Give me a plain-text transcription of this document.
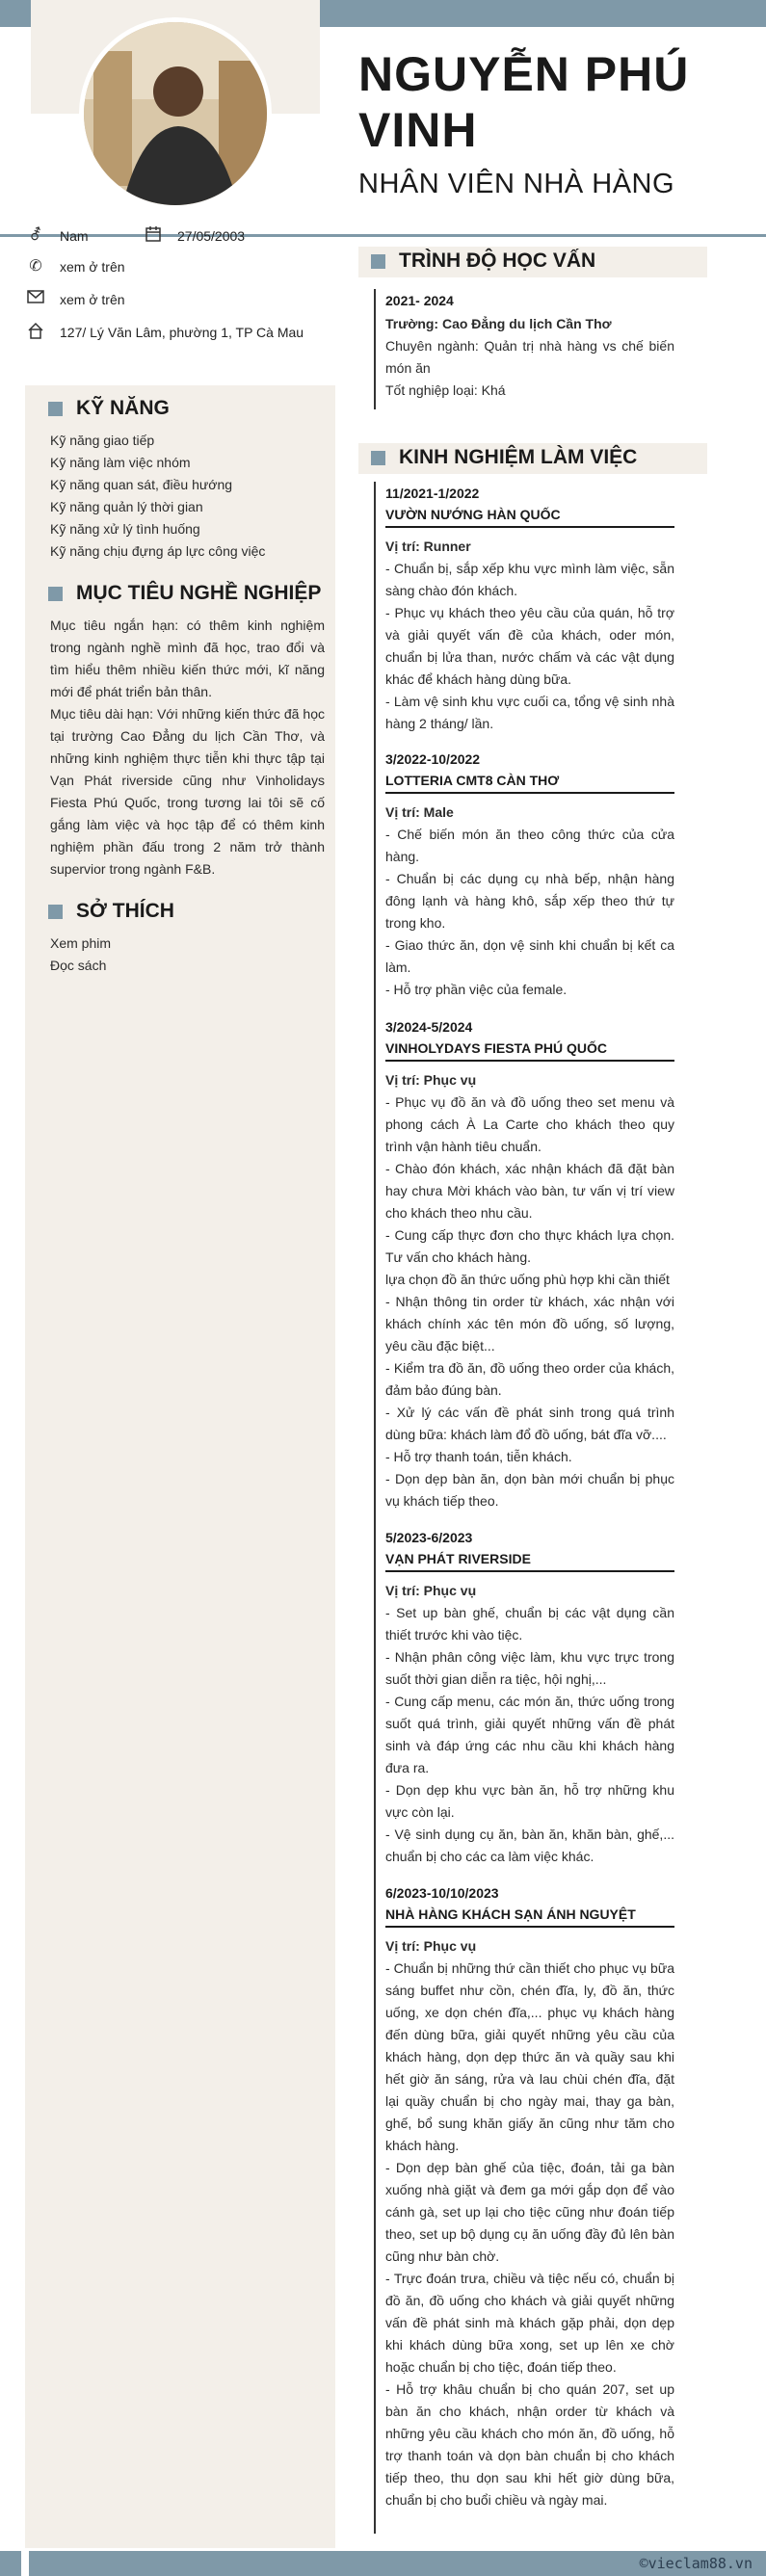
NGUYỄN PHÚ VINH
NHÂN VIÊN NHÀ HÀNG
⚦	Nam	27/05/2003
✆	xem ở trên
xem ở trên
127/ Lý Văn Lâm, phường 1, TP Cà Mau
KỸ NĂNG
Kỹ năng giao tiếp
Kỹ năng làm việc nhóm
Kỹ năng quan sát, điều hướng
Kỹ năng quản lý thời gian
Kỹ năng xử lý tình huống
Kỹ năng chịu đựng áp lực công việc
MỤC TIÊU NGHỀ NGHIỆP
Mục tiêu ngắn hạn: có thêm kinh nghiệm trong ngành nghề mình đã học, trao đổi và tìm hiểu thêm nhiều kiến thức mới, kĩ năng mới để phát triển bản thân.
Mục tiêu dài hạn: Với những kiến thức đã học tại trường Cao Đẳng du lịch Cần Thơ, và những kinh nghiệm thực tiễn khi thực tập tại Vạn Phát riverside cũng như Vinholidays Fiesta Phú Quốc, trong tương lai tôi sẽ cố gắng làm việc và học tập để có thêm kinh nghiệm phần đấu trong 2 năm trở thành supervior trong ngành F&B.
SỞ THÍCH
Xem phim
Đọc sách
TRÌNH ĐỘ HỌC VẤN
2021- 2024
Trường: Cao Đẳng du lịch Cần Thơ
Chuyên ngành: Quản trị nhà hàng vs chế biến món ăn
Tốt nghiệp loại: Khá
KINH NGHIỆM LÀM VIỆC
11/2021-1/2022
VƯỜN NƯỚNG HÀN QUỐC
Vị trí: Runner
- Chuẩn bị, sắp xếp khu vực mình làm việc, sẵn sàng chào đón khách.
- Phục vụ khách theo yêu cầu của quán, hỗ trợ và giải quyết vấn đề của khách, oder món, chuẩn bị lửa than, nước chấm và các vật dụng khác để khách hàng dùng bữa.
- Làm vệ sinh khu vực cuối ca, tổng vệ sinh nhà hàng 2 tháng/ lần.
3/2022-10/2022
LOTTERIA CMT8 CÀN THƠ
Vị trí: Male
- Chế biến món ăn theo công thức của cửa hàng.
- Chuẩn bị các dụng cụ nhà bếp, nhận hàng đông lạnh và hàng khô, sắp xếp theo thứ tự trong kho.
- Giao thức ăn, dọn vệ sinh khi chuẩn bị kết ca làm.
- Hỗ trợ phần việc của female.
3/2024-5/2024
VINHOLYDAYS FIESTA PHÚ QUỐC
Vị trí: Phục vụ
- Phục vụ đồ ăn và đồ uống theo set menu và phong cách À La Carte cho khách theo quy trình vận hành tiêu chuẩn.
- Chào đón khách, xác nhận khách đã đặt bàn hay chưa Mời khách vào bàn, tư vấn vị trí view cho khách theo nhu cầu.
- Cung cấp thực đơn cho thực khách lựa chọn. Tư vấn cho khách hàng.
lựa chọn đồ ăn thức uống phù hợp khi cần thiết
- Nhận thông tin order từ khách, xác nhận với khách chính xác tên món đồ uống, số lượng, yêu cầu đặc biệt...
- Kiểm tra đồ ăn, đồ uống theo order của khách, đảm bảo đúng bàn.
- Xử lý các vấn đề phát sinh trong quá trình dùng bữa: khách làm đổ đồ uống, bát đĩa vỡ....
- Hỗ trợ thanh toán, tiễn khách.
- Dọn dẹp bàn ăn, dọn bàn mới chuẩn bị phục vụ khách tiếp theo.
5/2023-6/2023
VẠN PHÁT RIVERSIDE
Vị trí: Phục vụ
- Set up bàn ghế, chuẩn bị các vật dụng cần thiết trước khi vào tiệc.
- Nhận phân công việc làm, khu vực trực trong suốt thời gian diễn ra tiệc, hội nghị,...
- Cung cấp menu, các món ăn, thức uống trong suốt quá trình, giải quyết những vấn đề phát sinh và đáp ứng các nhu cầu khi khách hàng đưa ra.
- Dọn dẹp khu vực bàn ăn, hỗ trợ những khu vực còn lại.
- Vệ sinh dụng cụ ăn, bàn ăn, khăn bàn, ghế,... chuẩn bị cho các ca làm việc khác.
6/2023-10/10/2023
NHÀ HÀNG KHÁCH SẠN ÁNH NGUYỆT
Vị trí: Phục vụ
- Chuẩn bị những thứ cần thiết cho phục vụ bữa sáng buffet như cồn, chén đĩa, ly, đồ ăn, thức uống, xe dọn chén đĩa,... phục vụ khách hàng đến dùng bữa, giải quyết những yêu cầu của khách hàng, dọn dẹp thức ăn và quầy sau khi hết giờ ăn sáng, rửa và lau chùi chén đĩa, đặt lại quầy chuẩn bị cho ngày mai, thay ga bàn, ghế, bổ sung khăn giấy ăn cũng như tăm cho khách hàng.
- Dọn dẹp bàn ghế của tiệc, đoán, tải ga bàn xuống nhà giặt và đem ga mới gắp dọn để vào cánh gà, set up lại cho tiệc cũng như đoán tiếp theo, set up bộ dụng cụ ăn uống đầy đủ lên bàn cũng như bàn chờ.
- Trực đoán trưa, chiều và tiệc nếu có, chuẩn bị đồ ăn, đồ uống cho khách và giải quyết những vấn đề phát sinh mà khách gặp phải, dọn dẹp khi khách dùng bữa xong, set up lên xe chờ hoặc chuẩn bị cho tiệc, đoán tiếp theo.
- Hỗ trợ khâu chuẩn bị cho quán 207, set up bàn ăn cho khách, nhận order từ khách và những yêu cầu khách cho món ăn, đồ uống, hỗ trợ thanh toán và dọn bàn chuẩn bị cho khách tiếp theo, thu dọn sau khi hết giờ dùng bữa, chuẩn bị cho buổi chiều và ngày mai.
©vieclam88.vn
